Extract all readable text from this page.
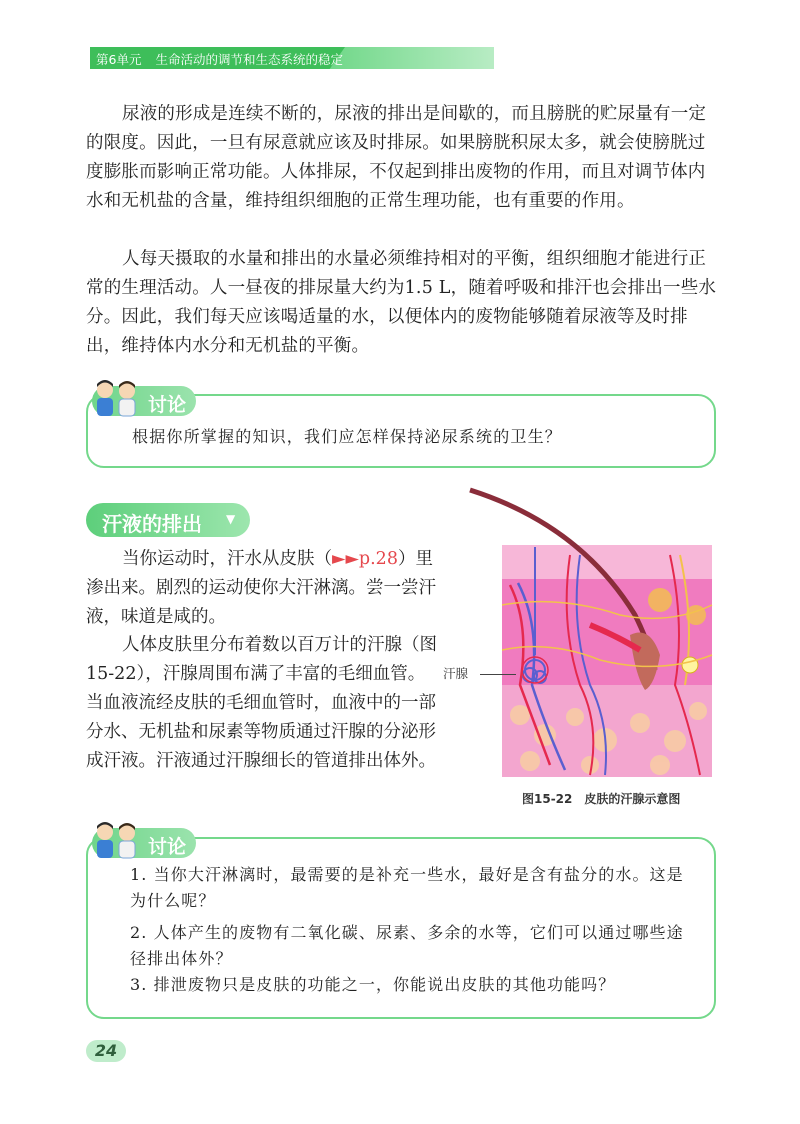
第6单元 生命活动的调节和生态系统的稳定

尿液的形成是连续不断的，尿液的排出是间歇的，而且膀胱的贮尿量有一定的限度。因此，一旦有尿意就应该及时排尿。如果膀胱积尿太多，就会使膀胱过度膨胀而影响正常功能。人体排尿，不仅起到排出废物的作用，而且对调节体内水和无机盐的含量，维持组织细胞的正常生理功能，也有重要的作用。

人每天摄取的水量和排出的水量必须维持相对的平衡，组织细胞才能进行正常的生理活动。人一昼夜的排尿量大约为1.5 L，随着呼吸和排汗也会排出一些水分。因此，我们每天应该喝适量的水，以便体内的废物能够随着尿液等及时排出，维持体内水分和无机盐的平衡。

讨论
根据你所掌握的知识，我们应怎样保持泌尿系统的卫生？
汗液的排出 ▼

当你运动时，汗水从皮肤（►►p.28）里渗出来。剧烈的运动使你大汗淋漓。尝一尝汗液，味道是咸的。

人体皮肤里分布着数以百万计的汗腺（图15-22），汗腺周围布满了丰富的毛细血管。当血液流经皮肤的毛细血管时，血液中的一部分水、无机盐和尿素等物质通过汗腺的分泌形成汗液。汗液通过汗腺细长的管道排出体外。

汗腺
图15-22　皮肤的汗腺示意图
讨论

1. 当你大汗淋漓时，最需要的是补充一些水，最好是含有盐分的水。这是为什么呢？

2. 人体产生的废物有二氧化碳、尿素、多余的水等，它们可以通过哪些途径排出体外？

3. 排泄废物只是皮肤的功能之一，你能说出皮肤的其他功能吗？

24
